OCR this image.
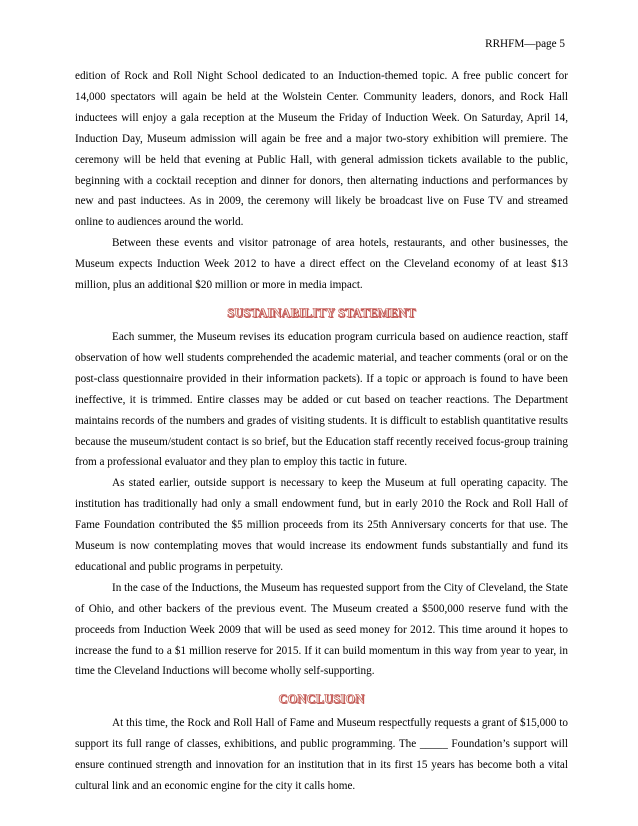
RRHFM—page 5

edition of Rock and Roll Night School dedicated to an Induction-themed topic. A free public concert for 14,000 spectators will again be held at the Wolstein Center. Community leaders, donors, and Rock Hall inductees will enjoy a gala reception at the Museum the Friday of Induction Week. On Saturday, April 14, Induction Day, Museum admission will again be free and a major two-story exhibition will premiere. The ceremony will be held that evening at Public Hall, with general admission tickets available to the public, beginning with a cocktail reception and dinner for donors, then alternating inductions and performances by new and past inductees. As in 2009, the ceremony will likely be broadcast live on Fuse TV and streamed online to audiences around the world.

Between these events and visitor patronage of area hotels, restaurants, and other businesses, the Museum expects Induction Week 2012 to have a direct effect on the Cleveland economy of at least $13 million, plus an additional $20 million or more in media impact.

SUSTAINABILITY STATEMENT

Each summer, the Museum revises its education program curricula based on audience reaction, staff observation of how well students comprehended the academic material, and teacher comments (oral or on the post-class questionnaire provided in their information packets). If a topic or approach is found to have been ineffective, it is trimmed. Entire classes may be added or cut based on teacher reactions. The Department maintains records of the numbers and grades of visiting students. It is difficult to establish quantitative results because the museum/student contact is so brief, but the Education staff recently received focus-group training from a professional evaluator and they plan to employ this tactic in future.

As stated earlier, outside support is necessary to keep the Museum at full operating capacity. The institution has traditionally had only a small endowment fund, but in early 2010 the Rock and Roll Hall of Fame Foundation contributed the $5 million proceeds from its 25th Anniversary concerts for that use. The Museum is now contemplating moves that would increase its endowment funds substantially and fund its educational and public programs in perpetuity.

In the case of the Inductions, the Museum has requested support from the City of Cleveland, the State of Ohio, and other backers of the previous event. The Museum created a $500,000 reserve fund with the proceeds from Induction Week 2009 that will be used as seed money for 2012. This time around it hopes to increase the fund to a $1 million reserve for 2015. If it can build momentum in this way from year to year, in time the Cleveland Inductions will become wholly self-supporting.

CONCLUSION

At this time, the Rock and Roll Hall of Fame and Museum respectfully requests a grant of $15,000 to support its full range of classes, exhibitions, and public programming. The _____ Foundation’s support will ensure continued strength and innovation for an institution that in its first 15 years has become both a vital cultural link and an economic engine for the city it calls home.
